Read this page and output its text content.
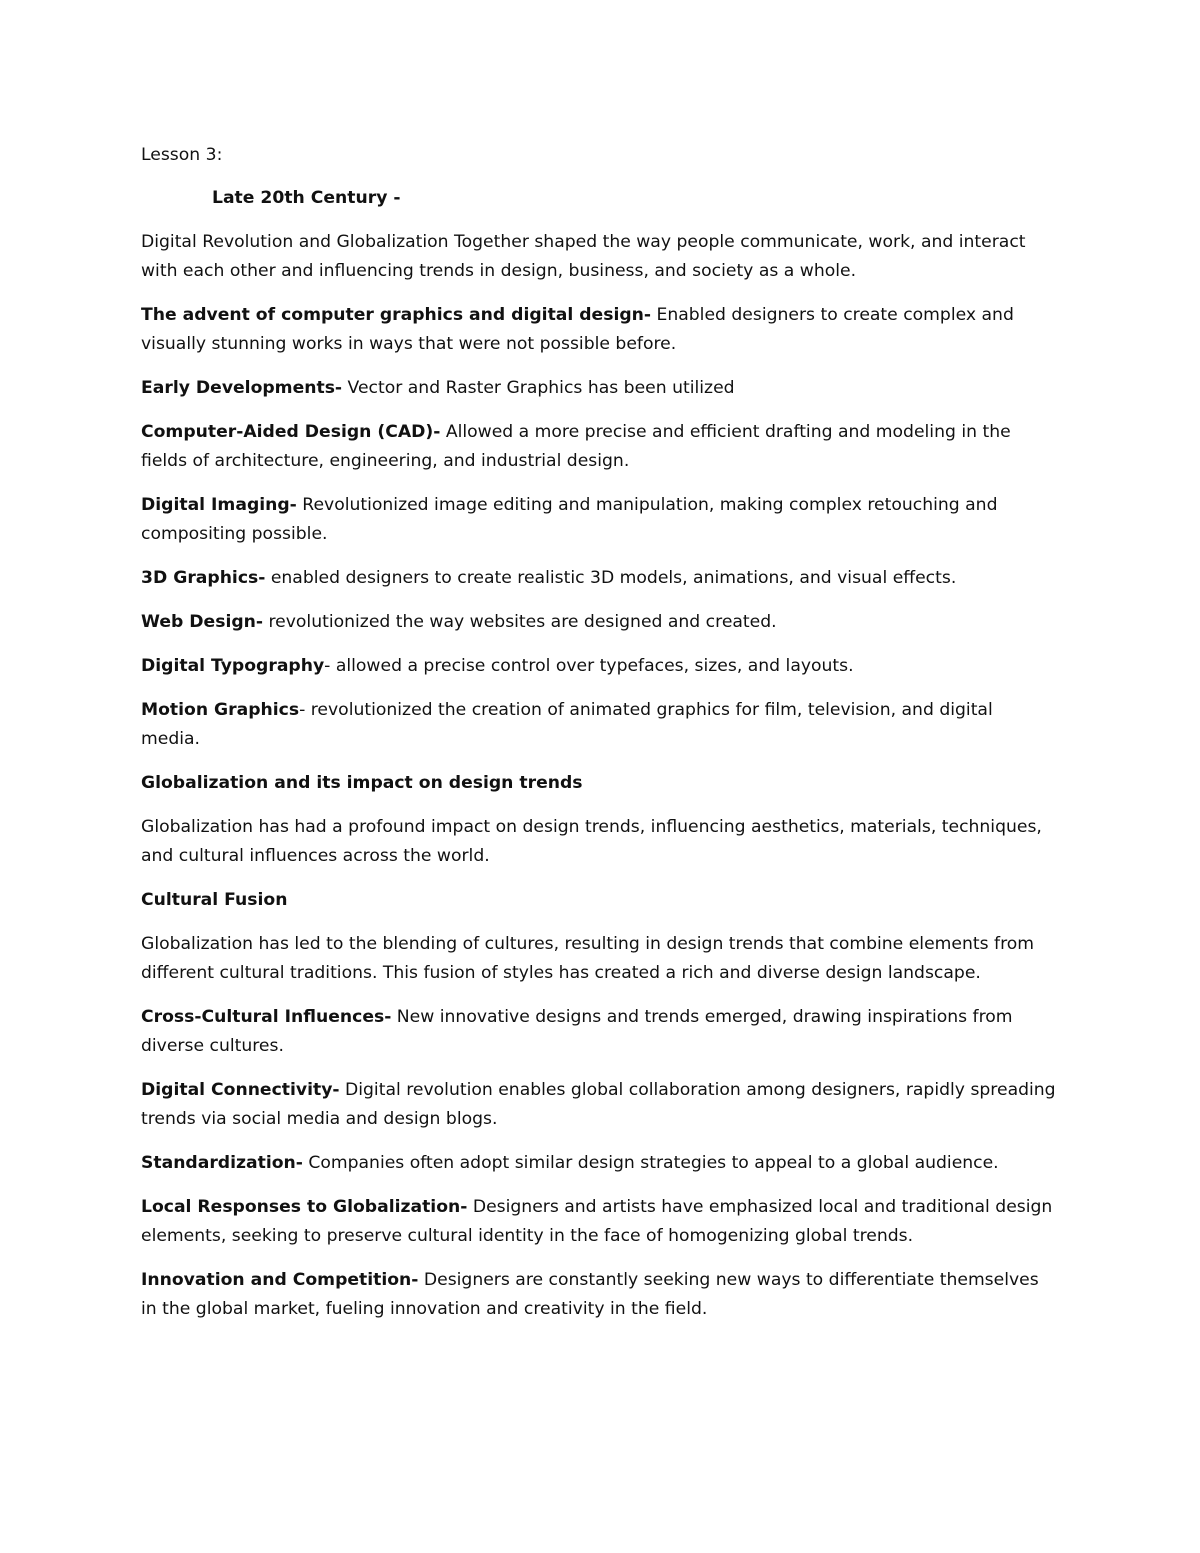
Lesson 3:

Late 20th Century -

Digital Revolution and Globalization Together shaped the way people communicate, work, and interact with each other and influencing trends in design, business, and society as a whole.

The advent of computer graphics and digital design- Enabled designers to create complex and visually stunning works in ways that were not possible before.

Early Developments- Vector and Raster Graphics has been utilized

Computer-Aided Design (CAD)- Allowed a more precise and efficient drafting and modeling in the fields of architecture, engineering, and industrial design.

Digital Imaging- Revolutionized image editing and manipulation, making complex retouching and compositing possible.

3D Graphics- enabled designers to create realistic 3D models, animations, and visual effects.

Web Design- revolutionized the way websites are designed and created.

Digital Typography- allowed a precise control over typefaces, sizes, and layouts.

Motion Graphics- revolutionized the creation of animated graphics for film, television, and digital media.

Globalization and its impact on design trends

Globalization has had a profound impact on design trends, influencing aesthetics, materials, techniques, and cultural influences across the world.

Cultural Fusion

Globalization has led to the blending of cultures, resulting in design trends that combine elements from different cultural traditions. This fusion of styles has created a rich and diverse design landscape.

Cross-Cultural Influences- New innovative designs and trends emerged, drawing inspirations from diverse cultures.

Digital Connectivity- Digital revolution enables global collaboration among designers, rapidly spreading trends via social media and design blogs.

Standardization- Companies often adopt similar design strategies to appeal to a global audience.

Local Responses to Globalization- Designers and artists have emphasized local and traditional design elements, seeking to preserve cultural identity in the face of homogenizing global trends.

Innovation and Competition- Designers are constantly seeking new ways to differentiate themselves in the global market, fueling innovation and creativity in the field.
